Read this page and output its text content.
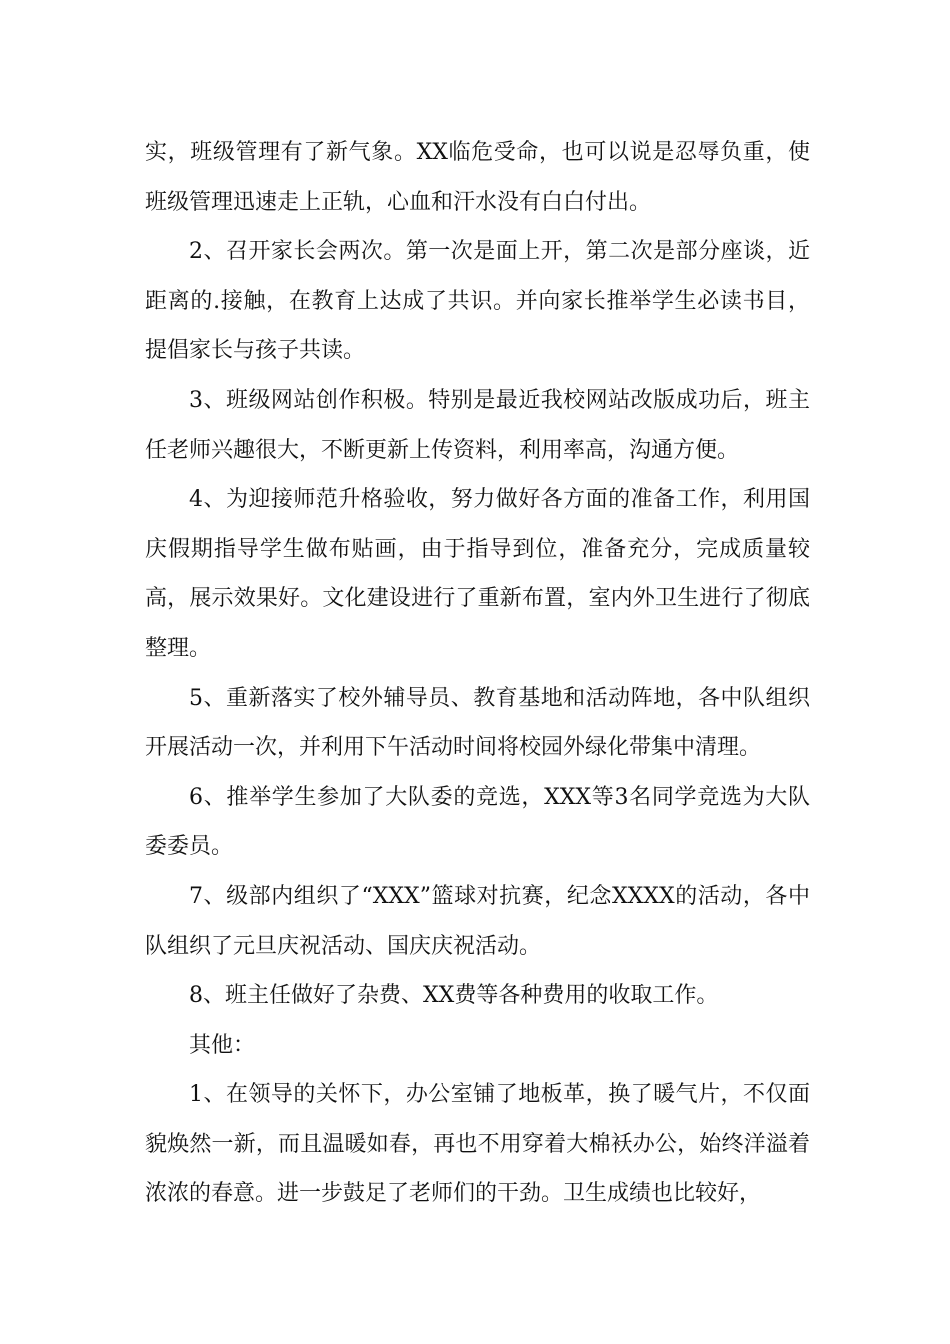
实，班级管理有了新气象。XX临危受命，也可以说是忍辱负重，使班级管理迅速走上正轨，心血和汗水没有白白付出。

2、召开家长会两次。第一次是面上开，第二次是部分座谈，近距离的.接触，在教育上达成了共识。并向家长推举学生必读书目，提倡家长与孩子共读。

3、班级网站创作积极。特别是最近我校网站改版成功后，班主任老师兴趣很大，不断更新上传资料，利用率高，沟通方便。

4、为迎接师范升格验收，努力做好各方面的准备工作，利用国庆假期指导学生做布贴画，由于指导到位，准备充分，完成质量较高，展示效果好。文化建设进行了重新布置，室内外卫生进行了彻底整理。

5、重新落实了校外辅导员、教育基地和活动阵地，各中队组织开展活动一次，并利用下午活动时间将校园外绿化带集中清理。

6、推举学生参加了大队委的竞选，XXX等3名同学竞选为大队委委员。

7、级部内组织了“XXX”篮球对抗赛，纪念XXXX的活动，各中队组织了元旦庆祝活动、国庆庆祝活动。

8、班主任做好了杂费、XX费等各种费用的收取工作。

其他：

1、在领导的关怀下，办公室铺了地板革，换了暖气片，不仅面貌焕然一新，而且温暖如春，再也不用穿着大棉袄办公，始终洋溢着浓浓的春意。进一步鼓足了老师们的干劲。卫生成绩也比较好，
